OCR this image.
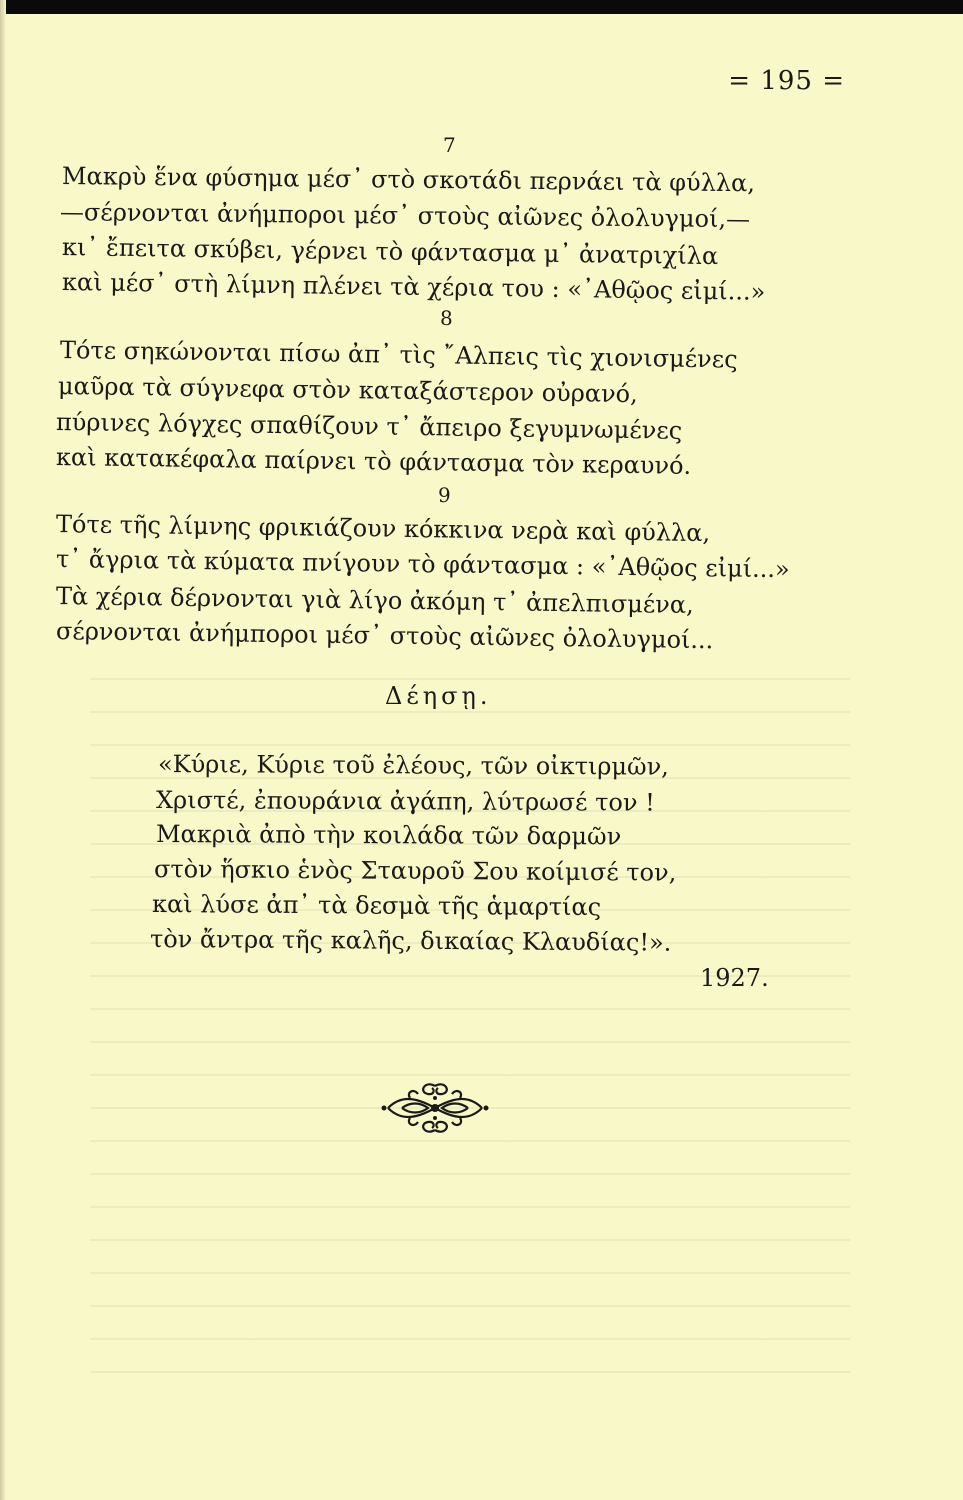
= 195 =
7
Μακρὺ ἕνα φύσημα μέσ᾽ στὸ σκοτάδι περνάει τὰ φύλλα,
—σέρνονται ἀνήμποροι μέσ᾽ στοὺς αἰῶνες ὀλολυγμοί,—
κι᾽ ἔπειτα σκύβει, γέρνει τὸ φάντασμα μ᾽ ἀνατριχίλα
καὶ μέσ᾽ στὴ λίμνη πλένει τὰ χέρια του : «᾽Αθῷος εἰμί...»
8
Τότε σηκώνονται πίσω ἀπ᾽ τὶς ῎Αλπεις τὶς χιονισμένες
μαῦρα τὰ σύγνεφα στὸν καταξάστερον οὐρανό,
πύρινες λόγχες σπαθίζουν τ᾽ ἄπειρο ξεγυμνωμένες
καὶ κατακέφαλα παίρνει τὸ φάντασμα τὸν κεραυνό.
9
Τότε τῆς λίμνης φρικιάζουν κόκκινα νερὰ καὶ φύλλα,
τ᾽ ἄγρια τὰ κύματα πνίγουν τὸ φάντασμα : «᾽Αθῷος εἰμί...»
Τὰ χέρια δέρνονται γιὰ λίγο ἀκόμη τ᾽ ἀπελπισμένα,
σέρνονται ἀνήμποροι μέσ᾽ στοὺς αἰῶνες ὀλολυγμοί...
Δέησῃ.
«Κύριε, Κύριε τοῦ ἐλέους, τῶν οἰκτιρμῶν,
Χριστέ, ἐπουράνια ἀγάπη, λύτρωσέ τον !
Μακριὰ ἀπὸ τὴν κοιλάδα τῶν δαρμῶν
στὸν ἥσκιο ἑνὸς Σταυροῦ Σου κοίμισέ τον,
καὶ λύσε ἀπ᾽ τὰ δεσμὰ τῆς ἁμαρτίας
τὸν ἄντρα τῆς καλῆς, δικαίας Κλαυδίας!».
1927.
